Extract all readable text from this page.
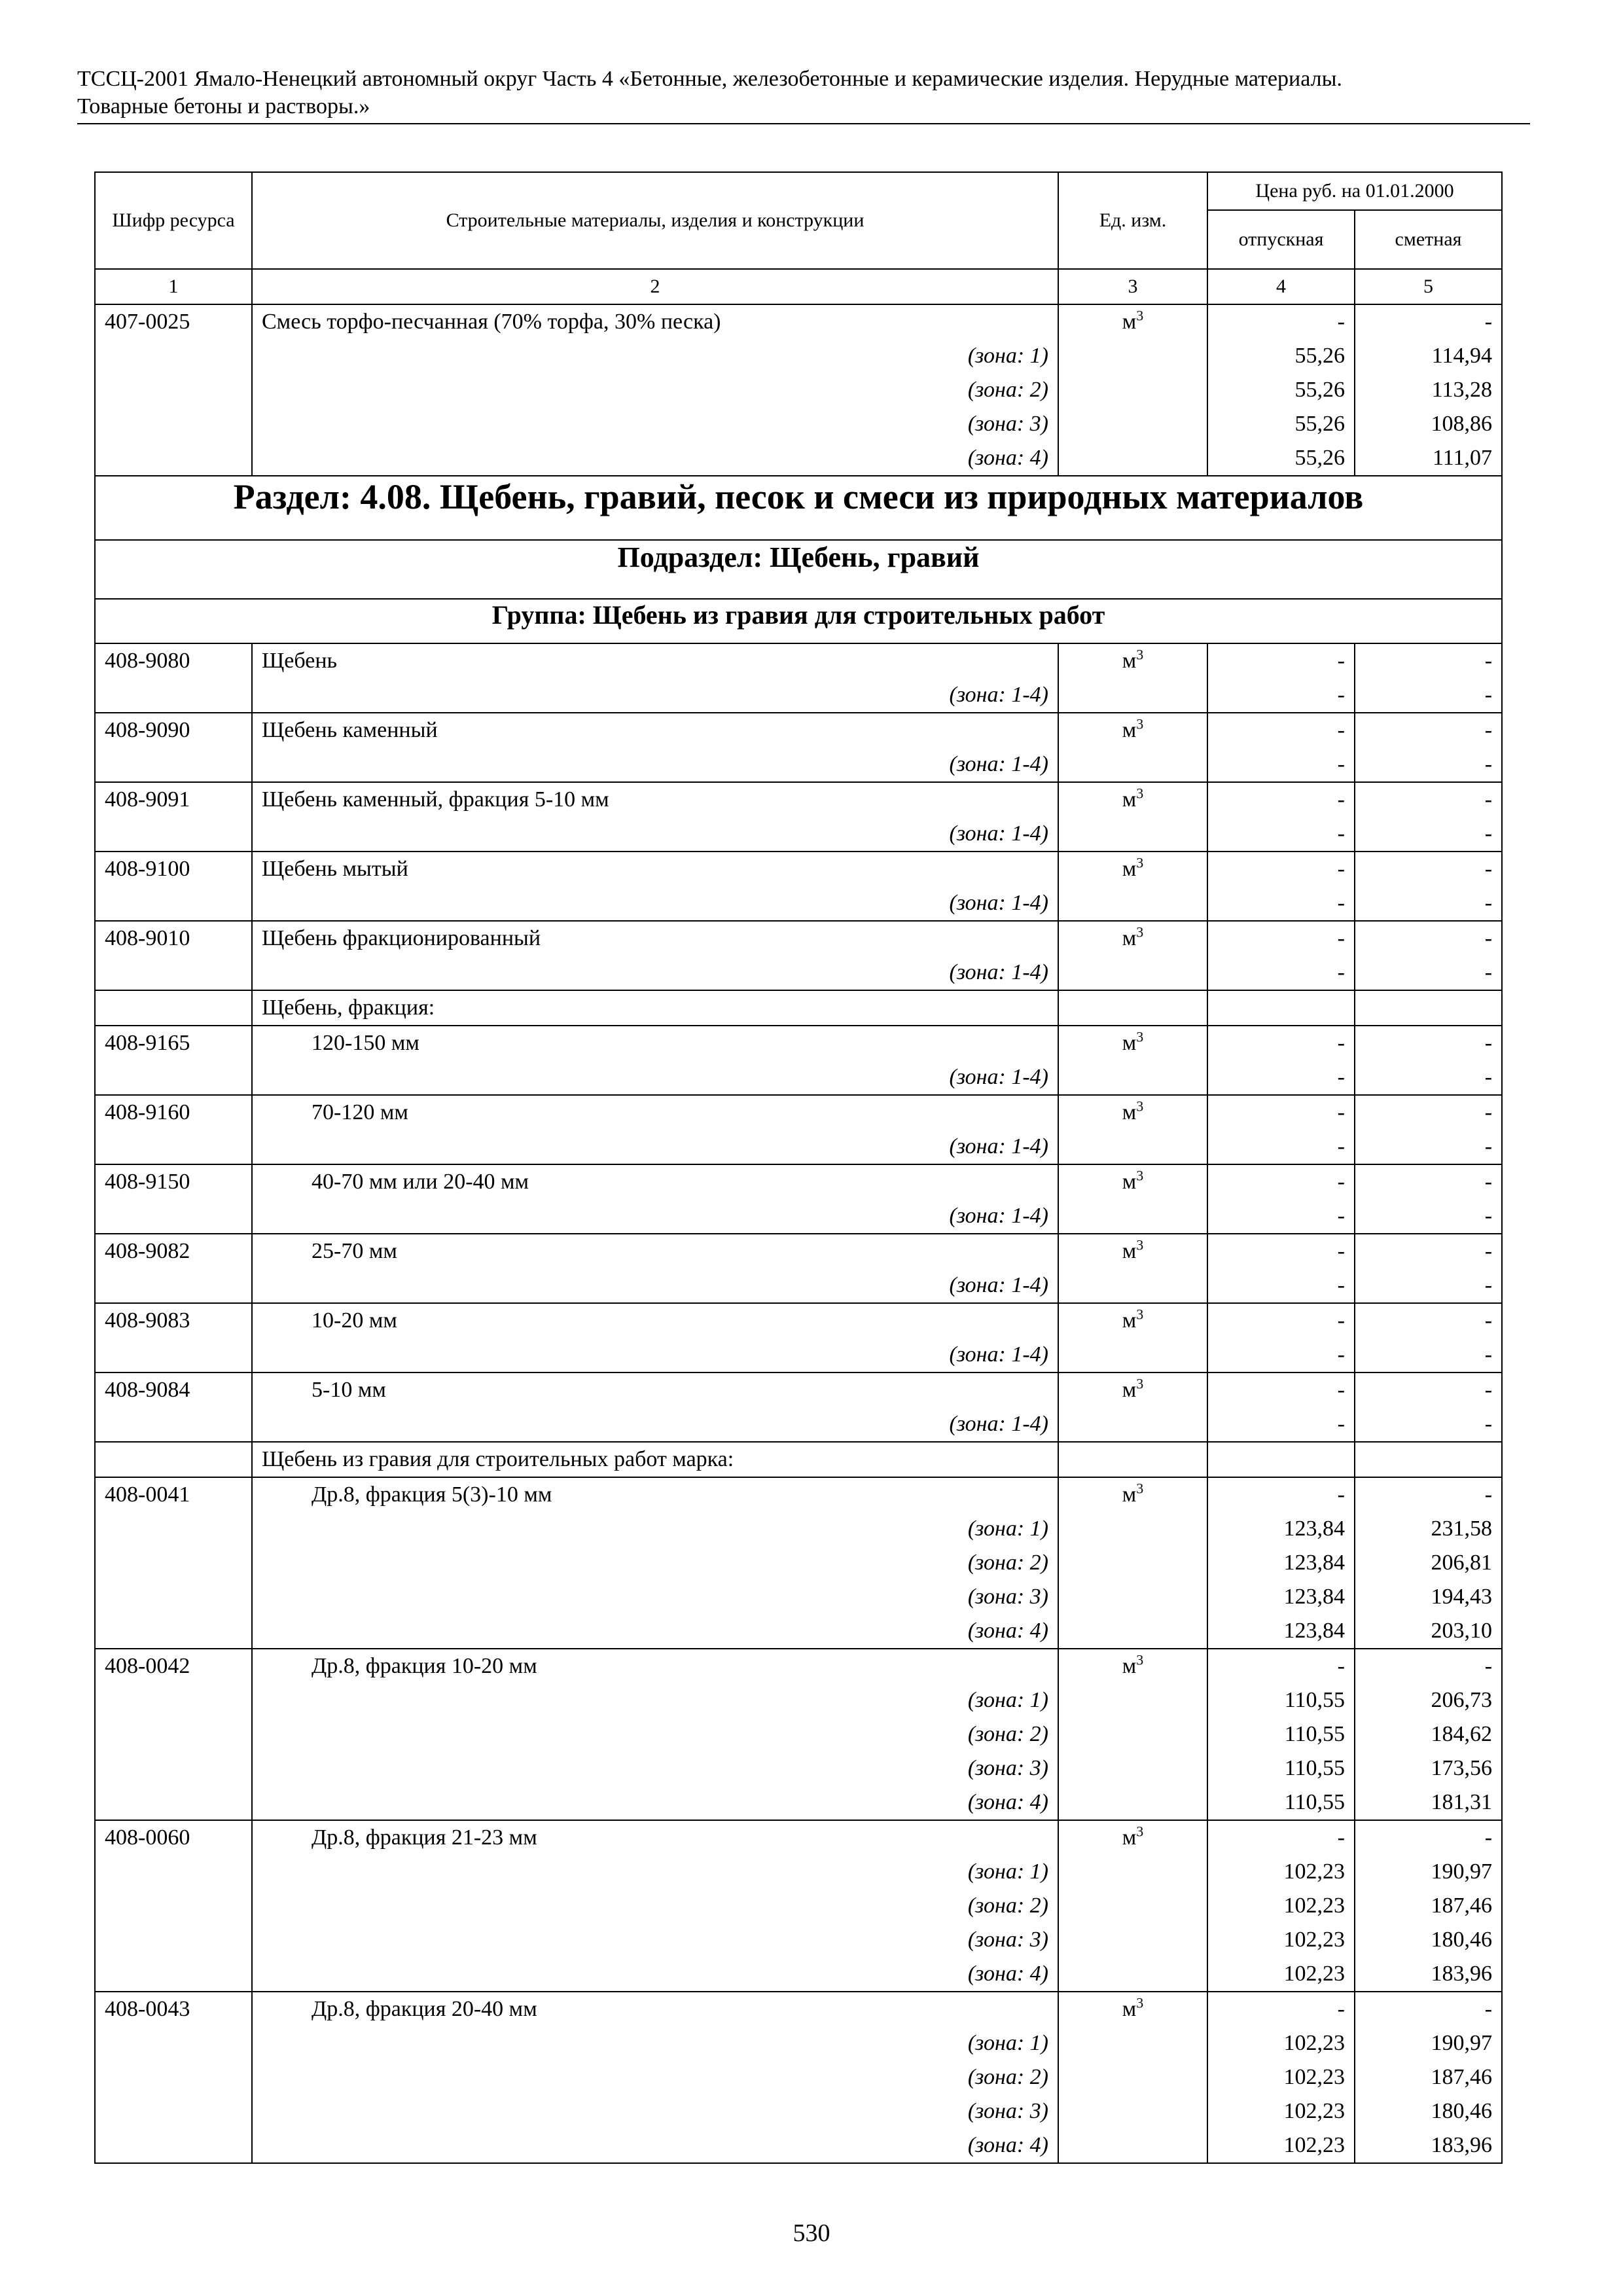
ТССЦ-2001 Ямало-Ненецкий автономный округ Часть 4 «Бетонные, железобетонные и керамические изделия. Нерудные материалы.
Товарные бетоны и растворы.»
Шифр ресурса	Строительные материалы, изделия и конструкции	Ед. изм.	Цена руб. на 01.01.2000	
			отпускная	сметная
1	2	3	4	5
407-0025	Смесь торфо-песчанная (70% торфа, 30% песка)	$м^3$	-	-
	(зона: 1)		55,26	114,94
	(зона: 2)		55,26	113,28
	(зона: 3)		55,26	108,86
	(зона: 4)		55,26	111,07
Раздел: 4.08. Щебень, гравий, песок и смеси из природных материалов				
Подраздел: Щебень, гравий				
Группа: Щебень из гравия для строительных работ				
408-9080	Щебень	$м^3$	-	-
	(зона: 1-4)		-	-
408-9090	Щебень каменный	$м^3$	-	-
	(зона: 1-4)		-	-
408-9091	Щебень каменный, фракция 5-10 мм	$м^3$	-	-
	(зона: 1-4)		-	-
408-9100	Щебень мытый	$м^3$	-	-
	(зона: 1-4)		-	-
408-9010	Щебень фракционированный	$м^3$	-	-
	(зона: 1-4)		-	-
	Щебень, фракция:			
408-9165	120-150 мм	$м^3$	-	-
	(зона: 1-4)		-	-
408-9160	70-120 мм	$м^3$	-	-
	(зона: 1-4)		-	-
408-9150	40-70 мм или 20-40 мм	$м^3$	-	-
	(зона: 1-4)		-	-
408-9082	25-70 мм	$м^3$	-	-
	(зона: 1-4)		-	-
408-9083	10-20 мм	$м^3$	-	-
	(зона: 1-4)		-	-
408-9084	5-10 мм	$м^3$	-	-
	(зона: 1-4)		-	-
	Щебень из гравия для строительных работ марка:			
408-0041	Др.8, фракция 5(3)-10 мм	$м^3$	-	-
	(зона: 1)		123,84	231,58
	(зона: 2)		123,84	206,81
	(зона: 3)		123,84	194,43
	(зона: 4)		123,84	203,10
408-0042	Др.8, фракция 10-20 мм	$м^3$	-	-
	(зона: 1)		110,55	206,73
	(зона: 2)		110,55	184,62
	(зона: 3)		110,55	173,56
	(зона: 4)		110,55	181,31
408-0060	Др.8, фракция 21-23 мм	$м^3$	-	-
	(зона: 1)		102,23	190,97
	(зона: 2)		102,23	187,46
	(зона: 3)		102,23	180,46
	(зона: 4)		102,23	183,96
408-0043	Др.8, фракция 20-40 мм	$м^3$	-	-
	(зона: 1)		102,23	190,97
	(зона: 2)		102,23	187,46
	(зона: 3)		102,23	180,46
	(зона: 4)		102,23	183,96
530
